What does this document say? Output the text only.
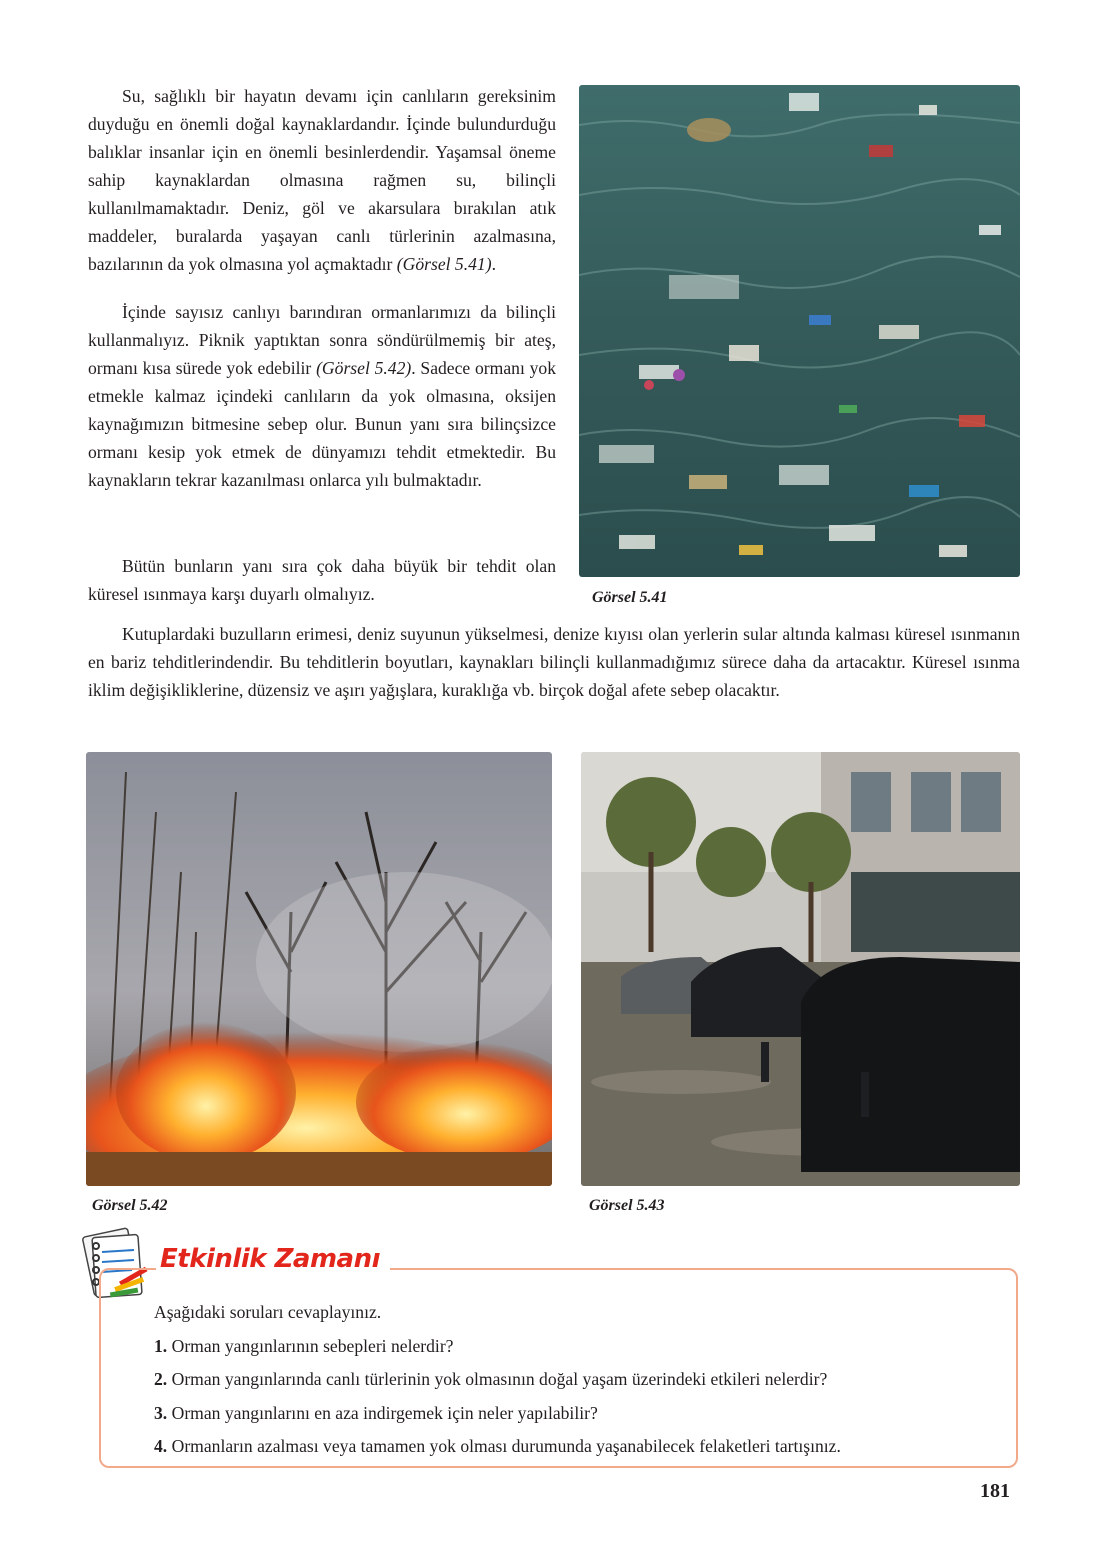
Su, sağlıklı bir hayatın devamı için canlıların gereksinim duyduğu en önemli doğal kaynaklardandır. İçinde bulundurduğu balıklar insanlar için en önemli besinlerdendir. Yaşamsal öneme sahip kaynaklardan olmasına rağmen su, bilinçli kullanılmamaktadır. Deniz, göl ve akarsulara bırakılan atık maddeler, buralarda yaşayan canlı türlerinin azalmasına, bazılarının da yok olmasına yol açmaktadır (Görsel 5.41).

İçinde sayısız canlıyı barındıran ormanlarımızı da bilinçli kullanmalıyız. Piknik yaptıktan sonra söndürülmemiş bir ateş, ormanı kısa sürede yok edebilir (Görsel 5.42). Sadece ormanı yok etmekle kalmaz içindeki canlıların da yok olmasına, oksijen kaynağımızın bitmesine sebep olur. Bunun yanı sıra bilinçsizce ormanı kesip yok etmek de dünyamızı tehdit etmektedir. Bu kaynakların tekrar kazanılması onlarca yılı bulmaktadır.

Bütün bunların yanı sıra çok daha büyük bir tehdit olan küresel ısınmaya karşı duyarlı olmalıyız.	Görsel 5.41

Kutuplardaki buzulların erimesi, deniz suyunun yükselmesi, denize kıyısı olan yerlerin sular altında kalması küresel ısınmanın en bariz tehditlerindendir. Bu tehditlerin boyutları, kaynakları bilinçli kullanmadığımız sürece daha da artacaktır. Küresel ısınma iklim değişikliklerine, düzensiz ve aşırı yağışlara, kuraklığa vb. birçok doğal afete sebep olacaktır.

Görsel 5.42	Görsel 5.43
Etkinlik Zamanı
Aşağıdaki soruları cevaplayınız.
1. Orman yangınlarının sebepleri nelerdir?
2. Orman yangınlarında canlı türlerinin yok olmasının doğal yaşam üzerindeki etkileri nelerdir?
3. Orman yangınlarını en aza indirgemek için neler yapılabilir?
4. Ormanların azalması veya tamamen yok olması durumunda yaşanabilecek felaketleri tartışınız.
181
